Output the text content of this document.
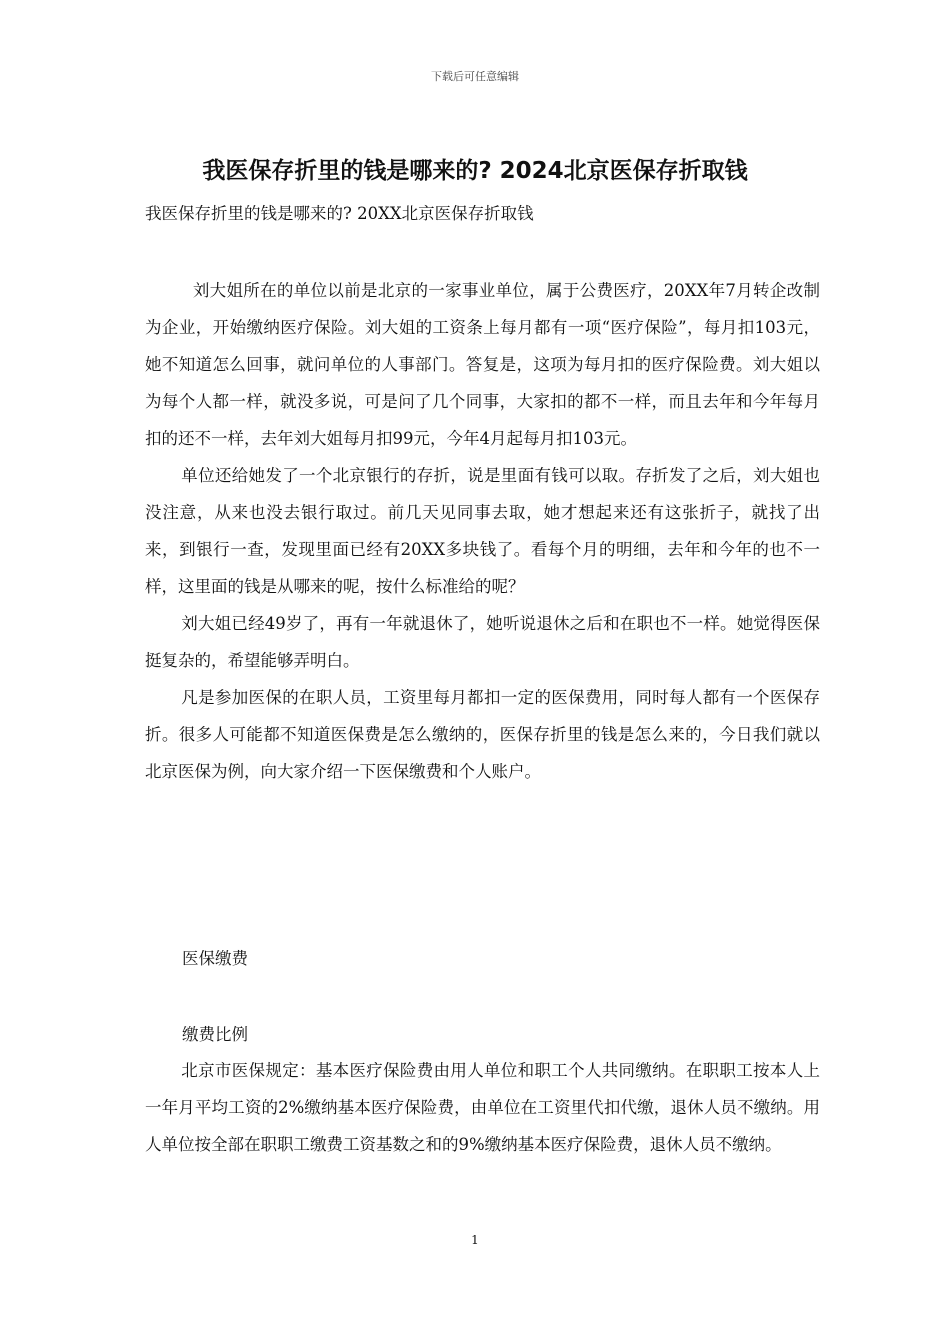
下载后可任意编辑
我医保存折里的钱是哪来的? 2024北京医保存折取钱
我医保存折里的钱是哪来的? 20XX北京医保存折取钱

刘大姐所在的单位以前是北京的一家事业单位，属于公费医疗，20XX年7月转企改制为企业，开始缴纳医疗保险。刘大姐的工资条上每月都有一项“医疗保险”，每月扣103元，她不知道怎么回事，就问单位的人事部门。答复是，这项为每月扣的医疗保险费。刘大姐以为每个人都一样，就没多说，可是问了几个同事，大家扣的都不一样，而且去年和今年每月扣的还不一样，去年刘大姐每月扣99元，今年4月起每月扣103元。

单位还给她发了一个北京银行的存折，说是里面有钱可以取。存折发了之后，刘大姐也没注意，从来也没去银行取过。前几天见同事去取，她才想起来还有这张折子，就找了出来，到银行一查，发现里面已经有20XX多块钱了。看每个月的明细，去年和今年的也不一样，这里面的钱是从哪来的呢，按什么标准给的呢？

刘大姐已经49岁了，再有一年就退休了，她听说退休之后和在职也不一样。她觉得医保挺复杂的，希望能够弄明白。

凡是参加医保的在职人员，工资里每月都扣一定的医保费用，同时每人都有一个医保存折。很多人可能都不知道医保费是怎么缴纳的，医保存折里的钱是怎么来的，今日我们就以北京医保为例，向大家介绍一下医保缴费和个人账户。

医保缴费
缴费比例

北京市医保规定：基本医疗保险费由用人单位和职工个人共同缴纳。在职职工按本人上一年月平均工资的2%缴纳基本医疗保险费，由单位在工资里代扣代缴，退休人员不缴纳。用人单位按全部在职职工缴费工资基数之和的9%缴纳基本医疗保险费，退休人员不缴纳。

1
